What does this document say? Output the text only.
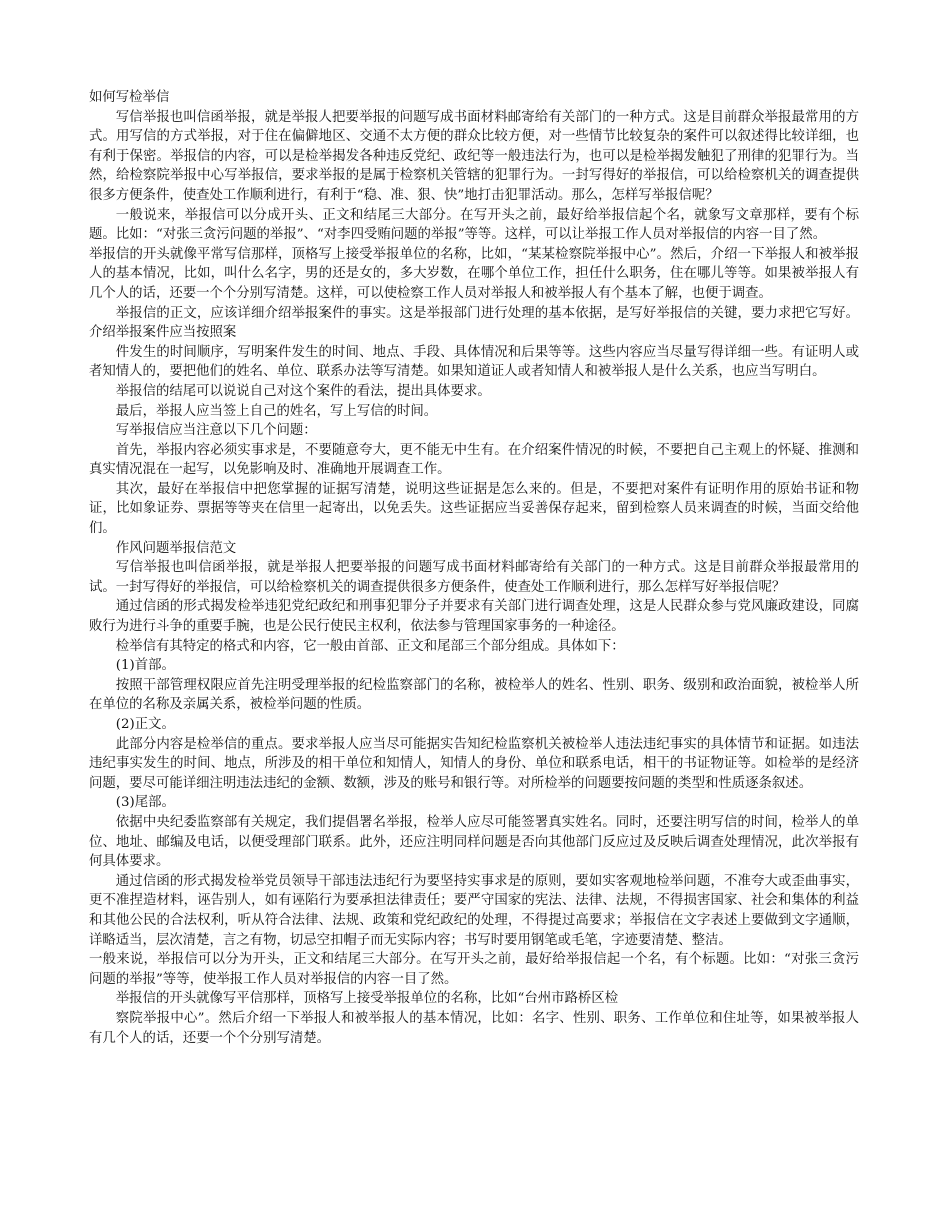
如何写检举信

写信举报也叫信函举报，就是举报人把要举报的问题写成书面材料邮寄给有关部门的一种方式。这是目前群众举报最常用的方式。用写信的方式举报，对于住在偏僻地区、交通不太方便的群众比较方便，对一些情节比较复杂的案件可以叙述得比较详细，也有利于保密。举报信的内容，可以是检举揭发各种违反党纪、政纪等一般违法行为，也可以是检举揭发触犯了刑律的犯罪行为。当然，给检察院举报中心写举报信，要求举报的是属于检察机关管辖的犯罪行为。一封写得好的举报信，可以给检察机关的调查提供很多方便条件，使查处工作顺利进行，有利于“稳、准、狠、快”地打击犯罪活动。那么，怎样写举报信呢？

一般说来，举报信可以分成开头、正文和结尾三大部分。在写开头之前，最好给举报信起个名，就象写文章那样，要有个标题。比如：“对张三贪污问题的举报”、“对李四受贿问题的举报”等等。这样，可以让举报工作人员对举报信的内容一目了然。

举报信的开头就像平常写信那样，顶格写上接受举报单位的名称，比如，“某某检察院举报中心”。然后，介绍一下举报人和被举报人的基本情况，比如，叫什么名字，男的还是女的，多大岁数，在哪个单位工作，担任什么职务，住在哪儿等等。如果被举报人有几个人的话，还要一个个分别写清楚。这样，可以使检察工作人员对举报人和被举报人有个基本了解，也便于调查。

举报信的正文，应该详细介绍举报案件的事实。这是举报部门进行处理的基本依据，是写好举报信的关键，要力求把它写好。介绍举报案件应当按照案

件发生的时间顺序，写明案件发生的时间、地点、手段、具体情况和后果等等。这些内容应当尽量写得详细一些。有证明人或者知情人的，要把他们的姓名、单位、联系办法等写清楚。如果知道证人或者知情人和被举报人是什么关系，也应当写明白。

举报信的结尾可以说说自己对这个案件的看法，提出具体要求。

最后，举报人应当签上自己的姓名，写上写信的时间。

写举报信应当注意以下几个问题：

首先，举报内容必须实事求是，不要随意夸大，更不能无中生有。在介绍案件情况的时候，不要把自己主观上的怀疑、推测和真实情况混在一起写，以免影响及时、准确地开展调查工作。

其次，最好在举报信中把您掌握的证据写清楚，说明这些证据是怎么来的。但是，不要把对案件有证明作用的原始书证和物证，比如象证券、票据等等夹在信里一起寄出，以免丢失。这些证据应当妥善保存起来，留到检察人员来调查的时候，当面交给他们。

作风问题举报信范文

写信举报也叫信函举报，就是举报人把要举报的问题写成书面材料邮寄给有关部门的一种方式。这是目前群众举报最常用的试。一封写得好的举报信，可以给检察机关的调查提供很多方便条件，使查处工作顺利进行，那么怎样写好举报信呢？

通过信函的形式揭发检举违犯党纪政纪和刑事犯罪分子并要求有关部门进行调查处理，这是人民群众参与党风廉政建设，同腐败行为进行斗争的重要手腕，也是公民行使民主权利，依法参与管理国家事务的一种途径。

检举信有其特定的格式和内容，它一般由首部、正文和尾部三个部分组成。具体如下：

(1)首部。

按照干部管理权限应首先注明受理举报的纪检监察部门的名称，被检举人的姓名、性别、职务、级别和政治面貌，被检举人所在单位的名称及亲属关系，被检举问题的性质。

(2)正文。

此部分内容是检举信的重点。要求举报人应当尽可能据实告知纪检监察机关被检举人违法违纪事实的具体情节和证据。如违法违纪事实发生的时间、地点，所涉及的相干单位和知情人，知情人的身份、单位和联系电话，相干的书证物证等。如检举的是经济问题，要尽可能详细注明违法违纪的金额、数额，涉及的账号和银行等。对所检举的问题要按问题的类型和性质逐条叙述。

(3)尾部。

依据中央纪委监察部有关规定，我们提倡署名举报，检举人应尽可能签署真实姓名。同时，还要注明写信的时间，检举人的单位、地址、邮编及电话，以便受理部门联系。此外，还应注明同样问题是否向其他部门反应过及反映后调查处理情况，此次举报有何具体要求。

通过信函的形式揭发检举党员领导干部违法违纪行为要坚持实事求是的原则，要如实客观地检举问题，不准夸大或歪曲事实，更不准捏造材料，诬告别人，如有诬陷行为要承担法律责任；要严守国家的宪法、法律、法规，不得损害国家、社会和集体的利益和其他公民的合法权利，听从符合法律、法规、政策和党纪政纪的处理，不得提过高要求；举报信在文字表述上要做到文字通顺，详略适当，层次清楚，言之有物，切忌空扣帽子而无实际内容；书写时要用钢笔或毛笔，字迹要清楚、整洁。

一般来说，举报信可以分为开头，正文和结尾三大部分。在写开头之前，最好给举报信起一个名，有个标题。比如：“对张三贪污问题的举报”等等，使举报工作人员对举报信的内容一目了然。

举报信的开头就像写平信那样，顶格写上接受举报单位的名称，比如“台州市路桥区检

察院举报中心”。然后介绍一下举报人和被举报人的基本情况，比如：名字、性别、职务、工作单位和住址等，如果被举报人有几个人的话，还要一个个分别写清楚。
